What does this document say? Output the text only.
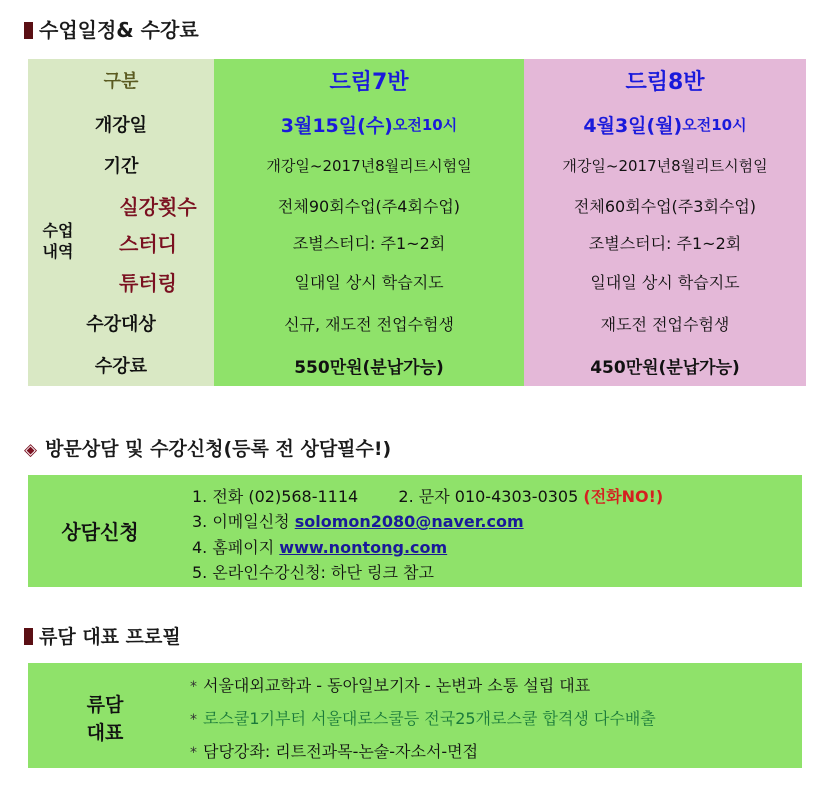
수업일정& 수강료
구분	드림7반	드림8반
개강일	3월15일(수) 오전10시	4월3일(월) 오전10시
기간	개강일~2017년8월리트시험일	개강일~2017년8월리트시험일
수업
내역
실강횟수	전체90회수업(주4회수업)	전체60회수업(주3회수업)
스터디	조별스터디: 주1~2회	조별스터디: 주1~2회
튜터링	일대일 상시 학습지도	일대일 상시 학습지도
수강대상	신규, 재도전 전업수험생	재도전 전업수험생
수강료	550만원(분납가능)	450만원(분납가능)
◈ 방문상담 및 수강신청(등록 전 상담필수!)
상담신청
1. 전화 (02)568-1114	2. 문자 010-4303-0305 (전화NO!)
3. 이메일신청 solomon2080@naver.com
4. 홈페이지 www.nontong.com
5. 온라인수강신청: 하단 링크 참고
류담 대표 프로필
류담
대표
* 서울대외교학과 - 동아일보기자 - 논변과 소통 설립 대표
* 로스쿨1기부터 서울대로스쿨등 전국25개로스쿨 합격생 다수배출
* 담당강좌: 리트전과목-논술-자소서-면접
